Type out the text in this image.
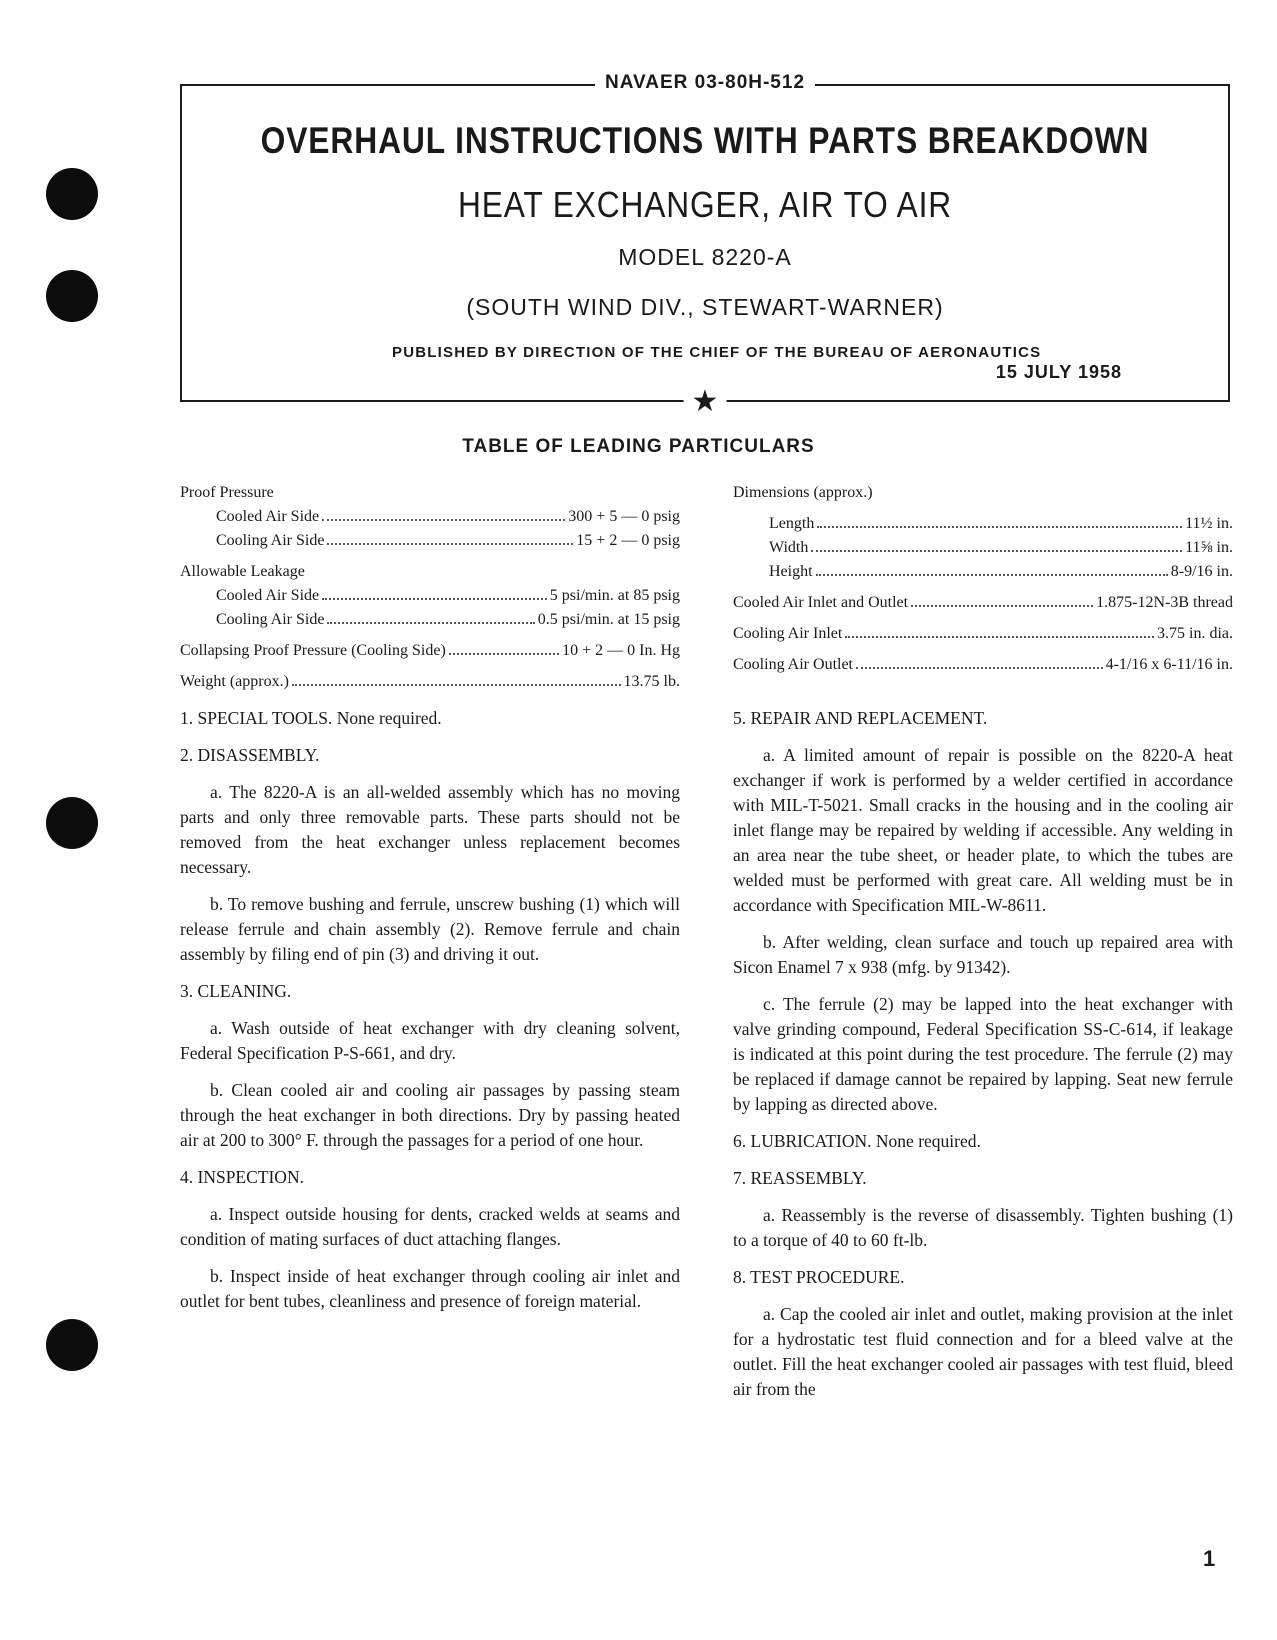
NAVAER 03-80H-512
OVERHAUL INSTRUCTIONS WITH PARTS BREAKDOWN
HEAT EXCHANGER, AIR TO AIR
MODEL 8220-A
(SOUTH WIND DIV., STEWART-WARNER)
PUBLISHED BY DIRECTION OF THE CHIEF OF THE BUREAU OF AERONAUTICS
15 JULY 1958
★
TABLE OF LEADING PARTICULARS
Proof Pressure
Cooled Air Side	300 + 5 — 0 psig
Cooling Air Side	15 + 2 — 0 psig
Allowable Leakage
Cooled Air Side	5 psi/min. at 85 psig
Cooling Air Side	0.5 psi/min. at 15 psig
Collapsing Proof Pressure (Cooling Side)	10 + 2 — 0 In. Hg
Weight (approx.)	13.75 lb.
Dimensions (approx.)
Length	11½ in.
Width	11⅝ in.
Height	8-9/16 in.
Cooled Air Inlet and Outlet	1.875-12N-3B thread
Cooling Air Inlet	3.75 in. dia.
Cooling Air Outlet	4-1/16 x 6-11/16 in.

1. SPECIAL TOOLS. None required.

2. DISASSEMBLY.

a. The 8220-A is an all-welded assembly which has no moving parts and only three removable parts. These parts should not be removed from the heat exchanger unless replacement becomes necessary.

b. To remove bushing and ferrule, unscrew bushing (1) which will release ferrule and chain assembly (2). Remove ferrule and chain assembly by filing end of pin (3) and driving it out.

3. CLEANING.

a. Wash outside of heat exchanger with dry cleaning solvent, Federal Specification P-S-661, and dry.

b. Clean cooled air and cooling air passages by passing steam through the heat exchanger in both directions. Dry by passing heated air at 200 to 300° F. through the passages for a period of one hour.

4. INSPECTION.

a. Inspect outside housing for dents, cracked welds at seams and condition of mating surfaces of duct attaching flanges.

b. Inspect inside of heat exchanger through cooling air inlet and outlet for bent tubes, cleanliness and presence of foreign material.

5. REPAIR AND REPLACEMENT.

a. A limited amount of repair is possible on the 8220-A heat exchanger if work is performed by a welder certified in accordance with MIL-T-5021. Small cracks in the housing and in the cooling air inlet flange may be repaired by welding if accessible. Any welding in an area near the tube sheet, or header plate, to which the tubes are welded must be performed with great care. All welding must be in accordance with Specification MIL-W-8611.

b. After welding, clean surface and touch up repaired area with Sicon Enamel 7 x 938 (mfg. by 91342).

c. The ferrule (2) may be lapped into the heat exchanger with valve grinding compound, Federal Specification SS-C-614, if leakage is indicated at this point during the test procedure. The ferrule (2) may be replaced if damage cannot be repaired by lapping. Seat new ferrule by lapping as directed above.

6. LUBRICATION. None required.

7. REASSEMBLY.

a. Reassembly is the reverse of disassembly. Tighten bushing (1) to a torque of 40 to 60 ft-lb.

8. TEST PROCEDURE.

a. Cap the cooled air inlet and outlet, making provision at the inlet for a hydrostatic test fluid connection and for a bleed valve at the outlet. Fill the heat exchanger cooled air passages with test fluid, bleed air from the

1
